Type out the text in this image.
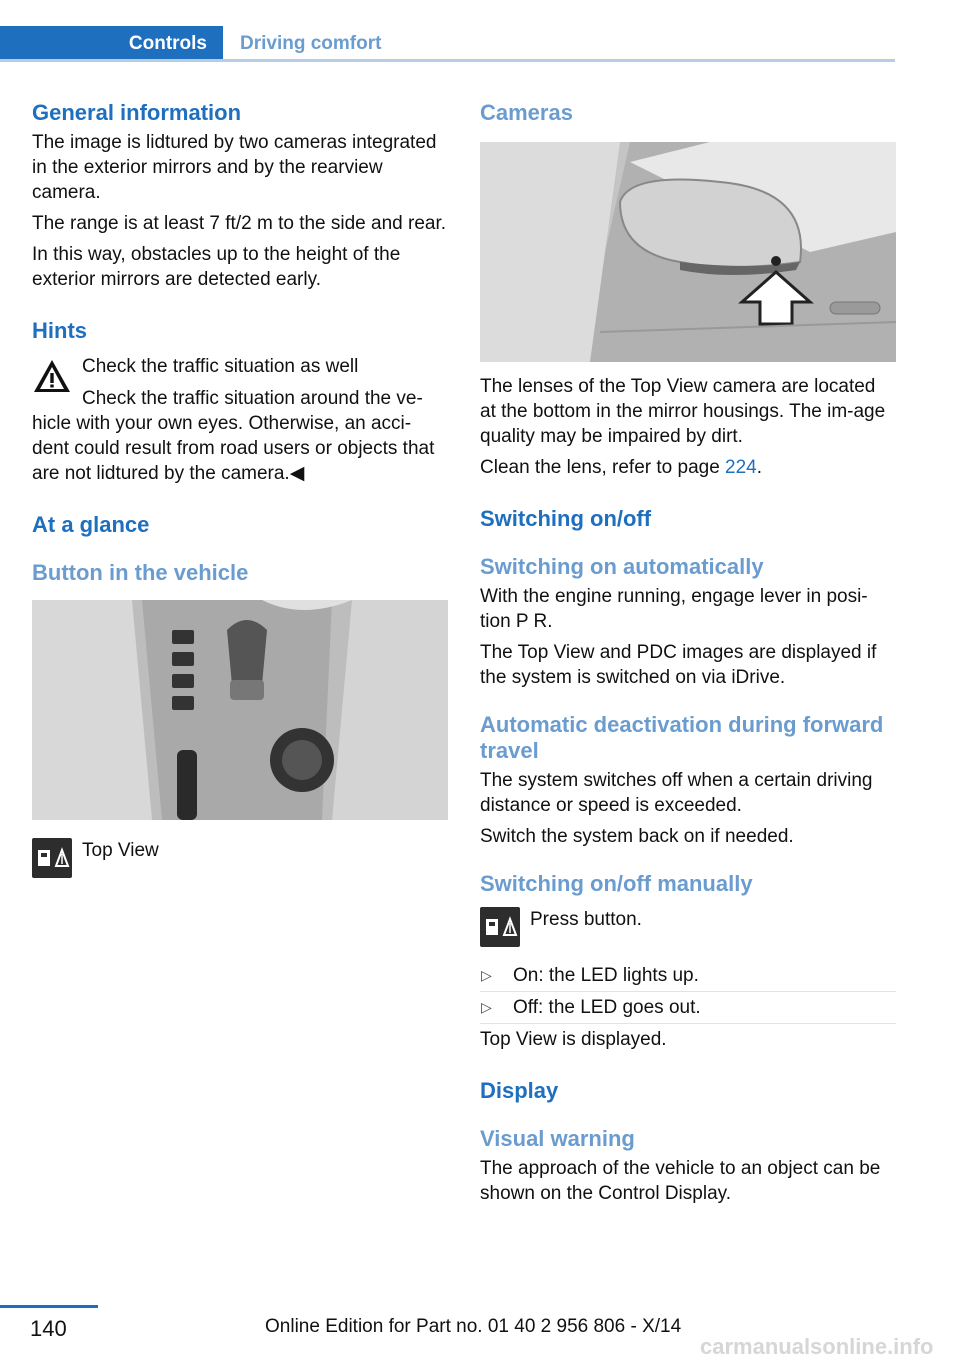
Controls	Driving comfort
General information

The image is lidtured by two cameras integrated in the exterior mirrors and by the rearview camera.

The range is at least 7 ft/2 m to the side and rear.

In this way, obstacles up to the height of the exterior mirrors are detected early.

Hints

Check the traffic situation as well

Check the traffic situation around the ve‐

hicle with your own eyes. Otherwise, an acci‐dent could result from road users or objects that are not lidtured by the camera.◀

At a glance
Button in the vehicle

Top View

Cameras

The lenses of the Top View camera are located at the bottom in the mirror housings. The im‐age quality may be impaired by dirt.

Clean the lens, refer to page 224.

Switching on/off
Switching on automatically

With the engine running, engage lever in posi‐tion P R.

The Top View and PDC images are displayed if the system is switched on via iDrive.

Automatic deactivation during forward travel

The system switches off when a certain driving distance or speed is exceeded.

Switch the system back on if needed.

Switching on/off manually

Press button.

▷ On: the LED lights up.
▷ Off: the LED goes out.

Top View is displayed.

Display
Visual warning

The approach of the vehicle to an object can be shown on the Control Display.

140	Online Edition for Part no. 01 40 2 956 806 - X/14
carmanualsonline.info
